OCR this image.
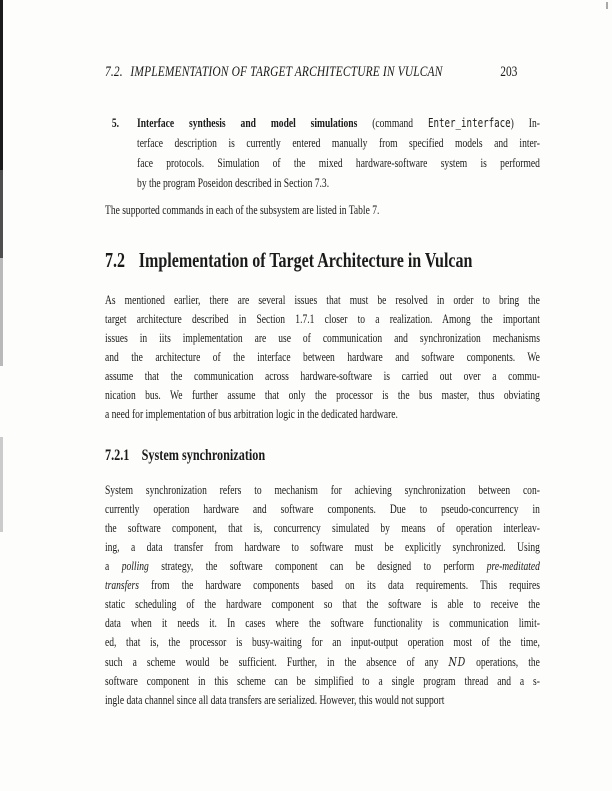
7.2. IMPLEMENTATION OF TARGET ARCHITECTURE IN VULCAN	203
5. Interface synthesis and model simulations (command Enter_interface) In-
terface description is currently entered manually from specified models and inter-
face protocols. Simulation of the mixed hardware-software system is performed
by the program Poseidon described in Section 7.3.
The supported commands in each of the subsystem are listed in Table 7.
7.2 Implementation of Target Architecture in Vulcan
As mentioned earlier, there are several issues that must be resolved in order to bring the
target architecture described in Section 1.7.1 closer to a realization. Among the important
issues in iits implementation are use of communication and synchronization mechanisms
and the architecture of the interface between hardware and software components. We
assume that the communication across hardware-software is carried out over a commu-
nication bus. We further assume that only the processor is the bus master, thus obviating
a need for implementation of bus arbitration logic in the dedicated hardware.
7.2.1 System synchronization
System synchronization refers to mechanism for achieving synchronization between con-
currently operation hardware and software components. Due to pseudo-concurrency in
the software component, that is, concurrency simulated by means of operation interleav-
ing, a data transfer from hardware to software must be explicitly synchronized. Using
a polling strategy, the software component can be designed to perform pre-meditated
transfers from the hardware components based on its data requirements. This requires
static scheduling of the hardware component so that the software is able to receive the
data when it needs it. In cases where the software functionality is communication limit-
ed, that is, the processor is busy-waiting for an input-output operation most of the time,
such a scheme would be sufficient. Further, in the absence of any ND operations, the
software component in this scheme can be simplified to a single program thread and a s-
ingle data channel since all data transfers are serialized. However, this would not support
